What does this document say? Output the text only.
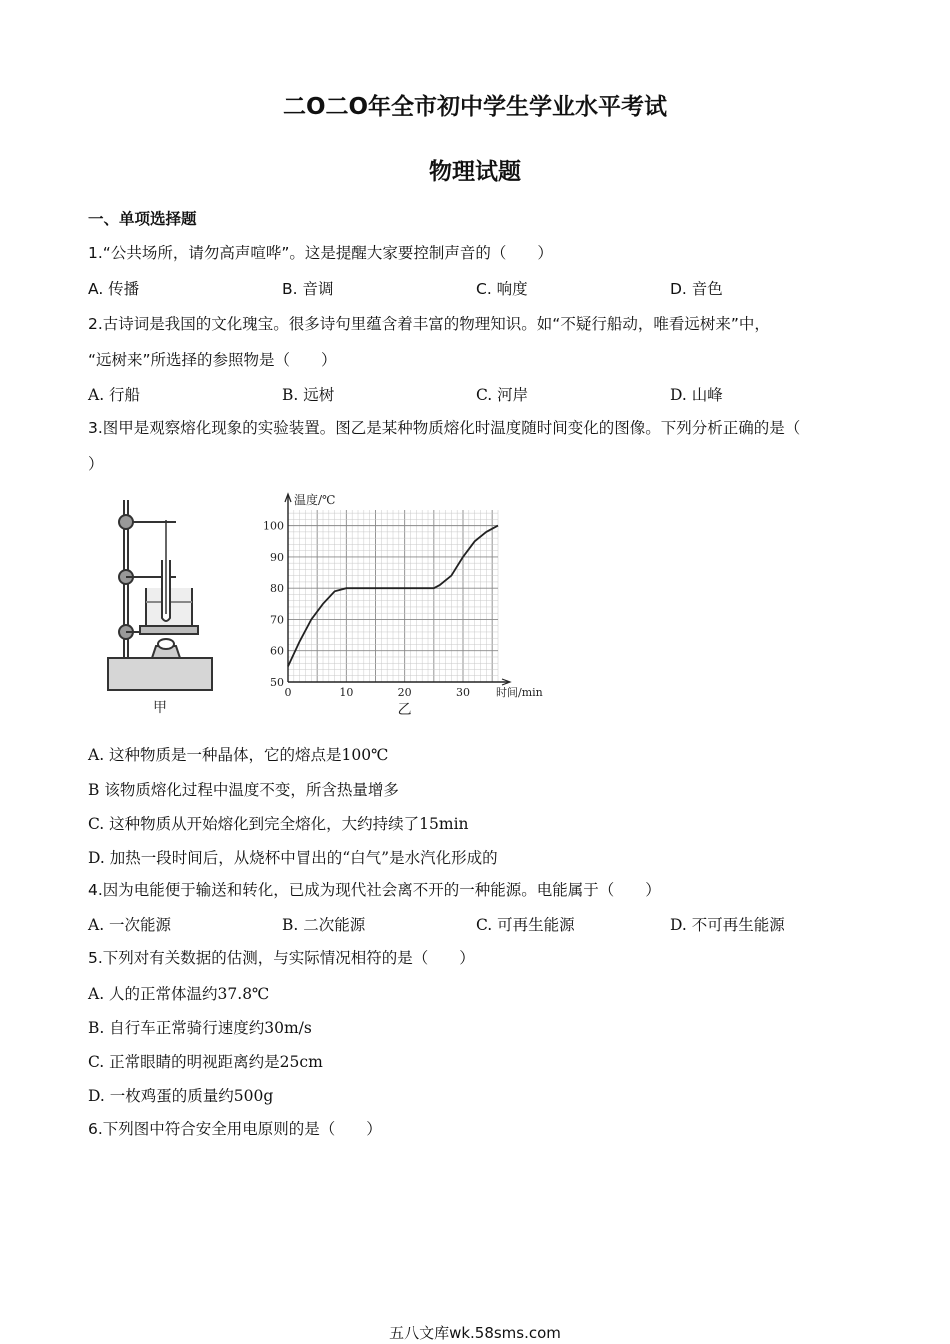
二O二O年全市初中学生学业水平考试
物理试题
一、单项选择题
1.“公共场所，请勿高声喧哗”。这是提醒大家要控制声音的（　　）
A. 传播	B. 音调	C. 响度	D. 音色
2.古诗词是我国的文化瑰宝。很多诗句里蕴含着丰富的物理知识。如“不疑行船动，唯看远树来”中，
“远树来”所选择的参照物是（　　）
A. 行船	B. 远树	C. 河岸	D. 山峰
3.图甲是观察熔化现象的实验装置。图乙是某种物质熔化时温度随时间变化的图像。下列分析正确的是（
）
甲
0	10	20	30
50
60
70
80
90
100
温度/℃
时间/min
乙
A. 这种物质是一种晶体，它的熔点是100℃
B 该物质熔化过程中温度不变，所含热量增多
C. 这种物质从开始熔化到完全熔化，大约持续了15min
D. 加热一段时间后，从烧杯中冒出的“白气”是水汽化形成的
4.因为电能便于输送和转化，已成为现代社会离不开的一种能源。电能属于（　　）
A. 一次能源	B. 二次能源	C. 可再生能源	D. 不可再生能源
5.下列对有关数据的估测，与实际情况相符的是（　　）
A. 人的正常体温约37.8℃
B. 自行车正常骑行速度约30m/s
C. 正常眼睛的明视距离约是25cm
D. 一枚鸡蛋的质量约500g
6.下列图中符合安全用电原则的是（　　）
五八文库wk.58sms.com
